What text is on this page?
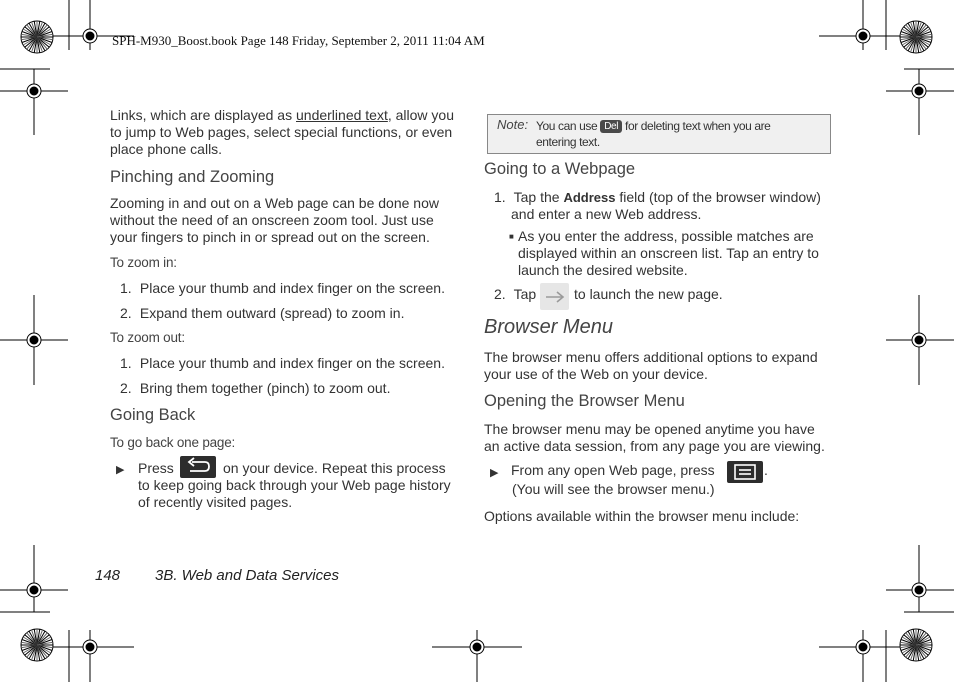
SPH-M930_Boost.book Page 148 Friday, September 2, 2011 11:04 AM
Links, which are displayed as underlined text, allow you
to jump to Web pages, select special functions, or even
place phone calls.
Pinching and Zooming
Zooming in and out on a Web page can be done now
without the need of an onscreen zoom tool. Just use
your fingers to pinch in or spread out on the screen.
To zoom in:
1. Place your thumb and index finger on the screen.
2. Expand them outward (spread) to zoom in.
To zoom out:
1. Place your thumb and index finger on the screen.
2. Bring them together (pinch) to zoom out.
Going Back
To go back one page:
▶ Press	on your device. Repeat this process
to keep going back through your Web page history
of recently visited pages.
Note: You can use Del for deleting text when you are
entering text.
Going to a Webpage
1. Tap the Address field (top of the browser window)
and enter a new Web address.
■ As you enter the address, possible matches are
displayed within an onscreen list. Tap an entry to
launch the desired website.
2. Tap	to launch the new page.
Browser Menu
The browser menu offers additional options to expand
your use of the Web on your device.
Opening the Browser Menu
The browser menu may be opened anytime you have
an active data session, from any page you are viewing.
▶ From any open Web page, press	.
(You will see the browser menu.)
Options available within the browser menu include:
148 3B. Web and Data Services
